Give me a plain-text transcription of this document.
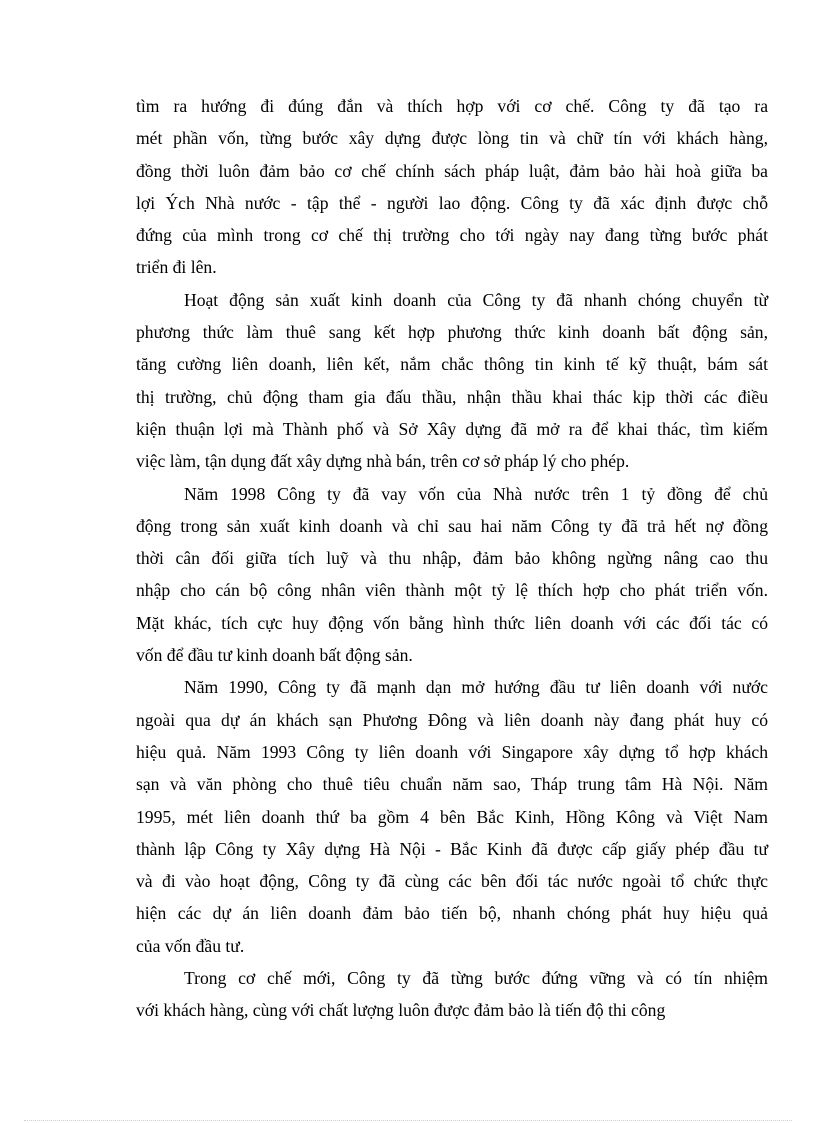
tìm ra hướng đi đúng đắn và thích hợp với cơ chế. Công ty đã tạo ra
mét phần vốn, từng bước xây dựng được lòng tin và chữ tín với khách hàng,
đồng thời luôn đảm bảo cơ chế chính sách pháp luật, đảm bảo hài hoà giữa ba
lợi Ých Nhà nước - tập thể - người lao động. Công ty đã xác định được chỗ
đứng của mình trong cơ chế thị trường cho tới ngày nay đang từng bước phát
triển đi lên.

Hoạt động sản xuất kinh doanh của Công ty đã nhanh chóng chuyển từ
phương thức làm thuê sang kết hợp phương thức kinh doanh bất động sản,
tăng cường liên doanh, liên kết, nắm chắc thông tin kinh tế kỹ thuật, bám sát
thị trường, chủ động tham gia đấu thầu, nhận thầu khai thác kịp thời các điều
kiện thuận lợi mà Thành phố và Sở Xây dựng đã mở ra để khai thác, tìm kiếm
việc làm, tận dụng đất xây dựng nhà bán, trên cơ sở pháp lý cho phép.

Năm 1998 Công ty đã vay vốn của Nhà nước trên 1 tỷ đồng để chủ
động trong sản xuất kinh doanh và chỉ sau hai năm Công ty đã trả hết nợ đồng
thời cân đối giữa tích luỹ và thu nhập, đảm bảo không ngừng nâng cao thu
nhập cho cán bộ công nhân viên thành một tỷ lệ thích hợp cho phát triển vốn.
Mặt khác, tích cực huy động vốn bằng hình thức liên doanh với các đối tác có
vốn để đầu tư kinh doanh bất động sản.

Năm 1990, Công ty đã mạnh dạn mở hướng đầu tư liên doanh với nước
ngoài qua dự án khách sạn Phương Đông và liên doanh này đang phát huy có
hiệu quả. Năm 1993 Công ty liên doanh với Singapore xây dựng tổ hợp khách
sạn và văn phòng cho thuê tiêu chuẩn năm sao, Tháp trung tâm Hà Nội. Năm
1995, mét liên doanh thứ ba gồm 4 bên Bắc Kinh, Hồng Kông và Việt Nam
thành lập Công ty Xây dựng Hà Nội - Bắc Kinh đã được cấp giấy phép đầu tư
và đi vào hoạt động, Công ty đã cùng các bên đối tác nước ngoài tổ chức thực
hiện các dự án liên doanh đảm bảo tiến bộ, nhanh chóng phát huy hiệu quả
của vốn đầu tư.

Trong cơ chế mới, Công ty đã từng bước đứng vững và có tín nhiệm
với khách hàng, cùng với chất lượng luôn được đảm bảo là tiến độ thi công
